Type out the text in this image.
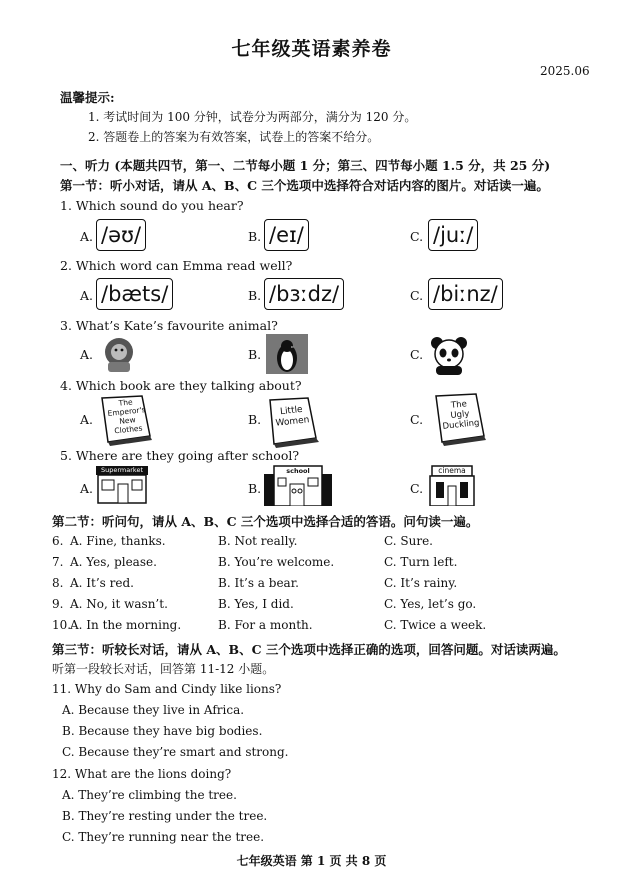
七年级英语素养卷
2025.06
温馨提示:
1. 考试时间为 100 分钟，试卷分为两部分，满分为 120 分。
2. 答题卷上的答案为有效答案，试卷上的答案不给分。
一、听力 (本题共四节，第一、二节每小题 1 分；第三、四节每小题 1.5 分，共 25 分)
第一节：听小对话，请从 A、B、C 三个选项中选择符合对话内容的图片。对话读一遍。
1. Which sound do you hear?
A. /əʊ/	B. /eɪ/	C. /juː/
2. Which word can Emma read well?
A. /bæts/	B. /bɜːdz/	C. /biːnz/
3. What’s Kate’s favourite animal?
A.	B.	C.
4. Which book are they talking about?
A.
The
Emperor's
New
Clothes
B.
Little
Women	C.
The
Ugly
Duckling
5. Where are they going after school?
A.
Supermarket
B.
school
C.
cinema
第二节：听问句，请从 A、B、C 三个选项中选择合适的答语。问句读一遍。
6. A. Fine, thanks.	B. Not really.	C. Sure.
7. A. Yes, please.	B. You’re welcome.	C. Turn left.
8. A. It’s red.	B. It’s a bear.	C. It’s rainy.
9. A. No, it wasn’t.	B. Yes, I did.	C. Yes, let’s go.
10.
A. In the morning.	B. For a month.	C. Twice a week.
第三节：听较长对话，请从 A、B、C 三个选项中选择正确的选项，回答问题。对话读两遍。
听第一段较长对话，回答第 11-12 小题。
11. Why do Sam and Cindy like lions?
A. Because they live in Africa.
B. Because they have big bodies.
C. Because they’re smart and strong.
12. What are the lions doing?
A. They’re climbing the tree.
B. They’re resting under the tree.
C. They’re running near the tree.
七年级英语 第 1 页 共 8 页
